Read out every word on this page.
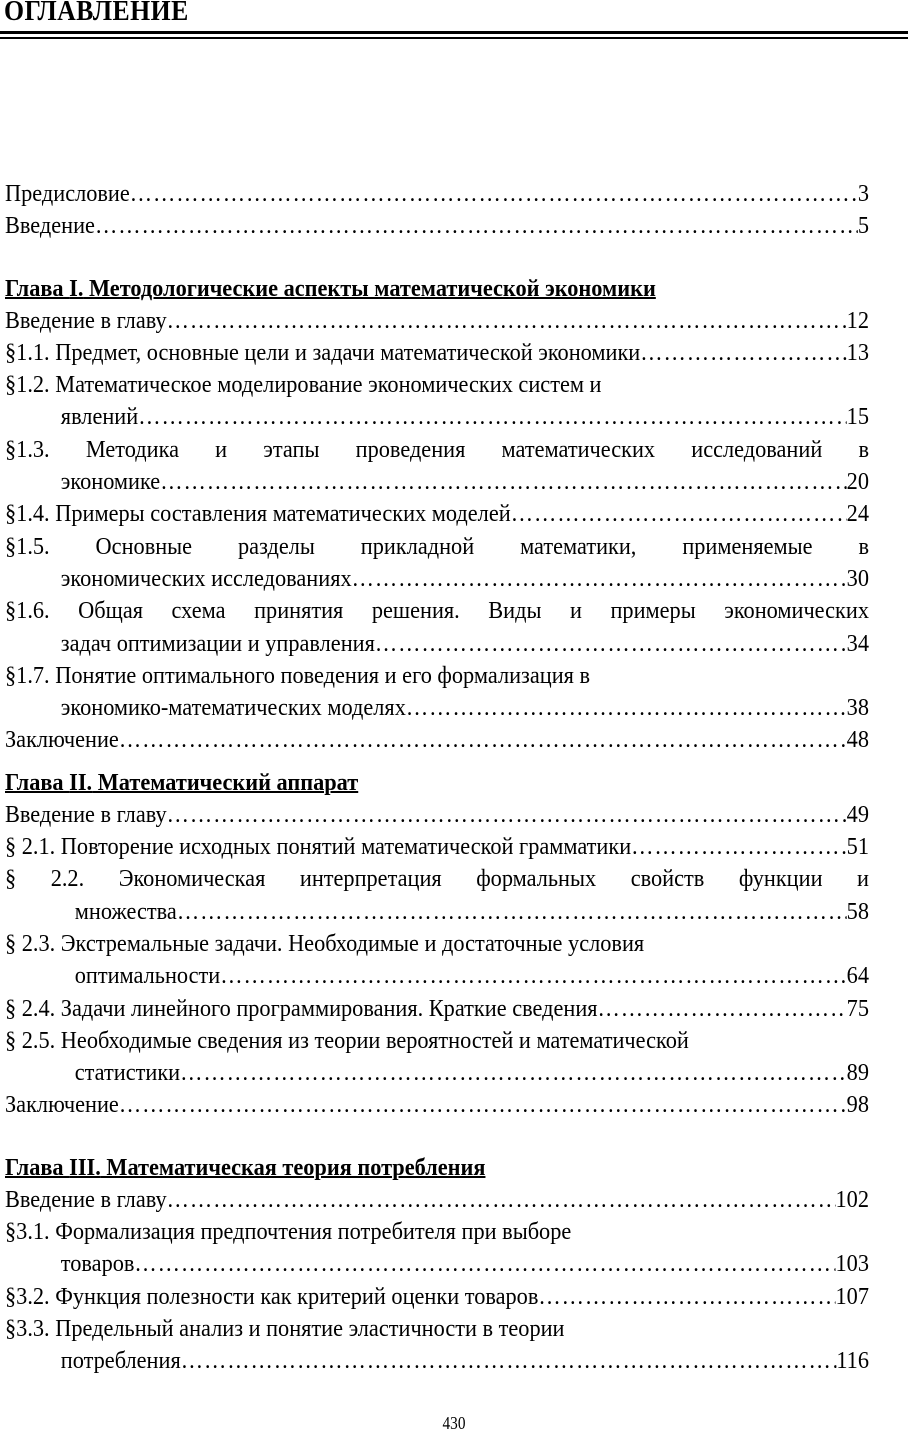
ОГЛАВЛЕНИЕ
Предисловие …………………………………………………………………………………………………………………………………………	3
Введение …………………………………………………………………………………………………………………………………………	5
Глава I. Методологические аспекты математической экономики
Введение в главу …………………………………………………………………………………………………………………………………………	12
§1.1. Предмет, основные цели и задачи математической экономики …………………………………………………………………………………………………………………………………………	13
§1.2. Математическое моделирование экономических систем и
явлений …………………………………………………………………………………………………………………………………………	15
§1.3. Методика и этапы проведения математических исследований в
экономике …………………………………………………………………………………………………………………………………………	20
§1.4. Примеры составления математических моделей …………………………………………………………………………………………………………………………………………	24
§1.5. Основные разделы прикладной математики, применяемые в
экономических исследованиях …………………………………………………………………………………………………………………………………………	30
§1.6. Общая схема принятия решения. Виды и примеры экономических
задач оптимизации и управления …………………………………………………………………………………………………………………………………………	34
§1.7. Понятие оптимального поведения и его формализация в
экономико-математических моделях …………………………………………………………………………………………………………………………………………	38
Заключение …………………………………………………………………………………………………………………………………………	48
Глава II. Математический аппарат
Введение в главу …………………………………………………………………………………………………………………………………………	49
§ 2.1. Повторение исходных понятий математической грамматики …………………………………………………………………………………………………………………………………………	51
§ 2.2. Экономическая интерпретация формальных свойств функции и
множества …………………………………………………………………………………………………………………………………………	58
§ 2.3. Экстремальные задачи. Необходимые и достаточные условия
оптимальности …………………………………………………………………………………………………………………………………………	64
§ 2.4. Задачи линейного программирования. Краткие сведения …………………………………………………………………………………………………………………………………………	75
§ 2.5. Необходимые сведения из теории вероятностей и математической
статистики …………………………………………………………………………………………………………………………………………	89
Заключение …………………………………………………………………………………………………………………………………………	98
Глава III. Математическая теория потребления
Введение в главу …………………………………………………………………………………………………………………………………………	102
§3.1. Формализация предпочтения потребителя при выборе
товаров …………………………………………………………………………………………………………………………………………	103
§3.2. Функция полезности как критерий оценки товаров …………………………………………………………………………………………………………………………………………	107
§3.3. Предельный анализ и понятие эластичности в теории
потребления …………………………………………………………………………………………………………………………………………	116
430
